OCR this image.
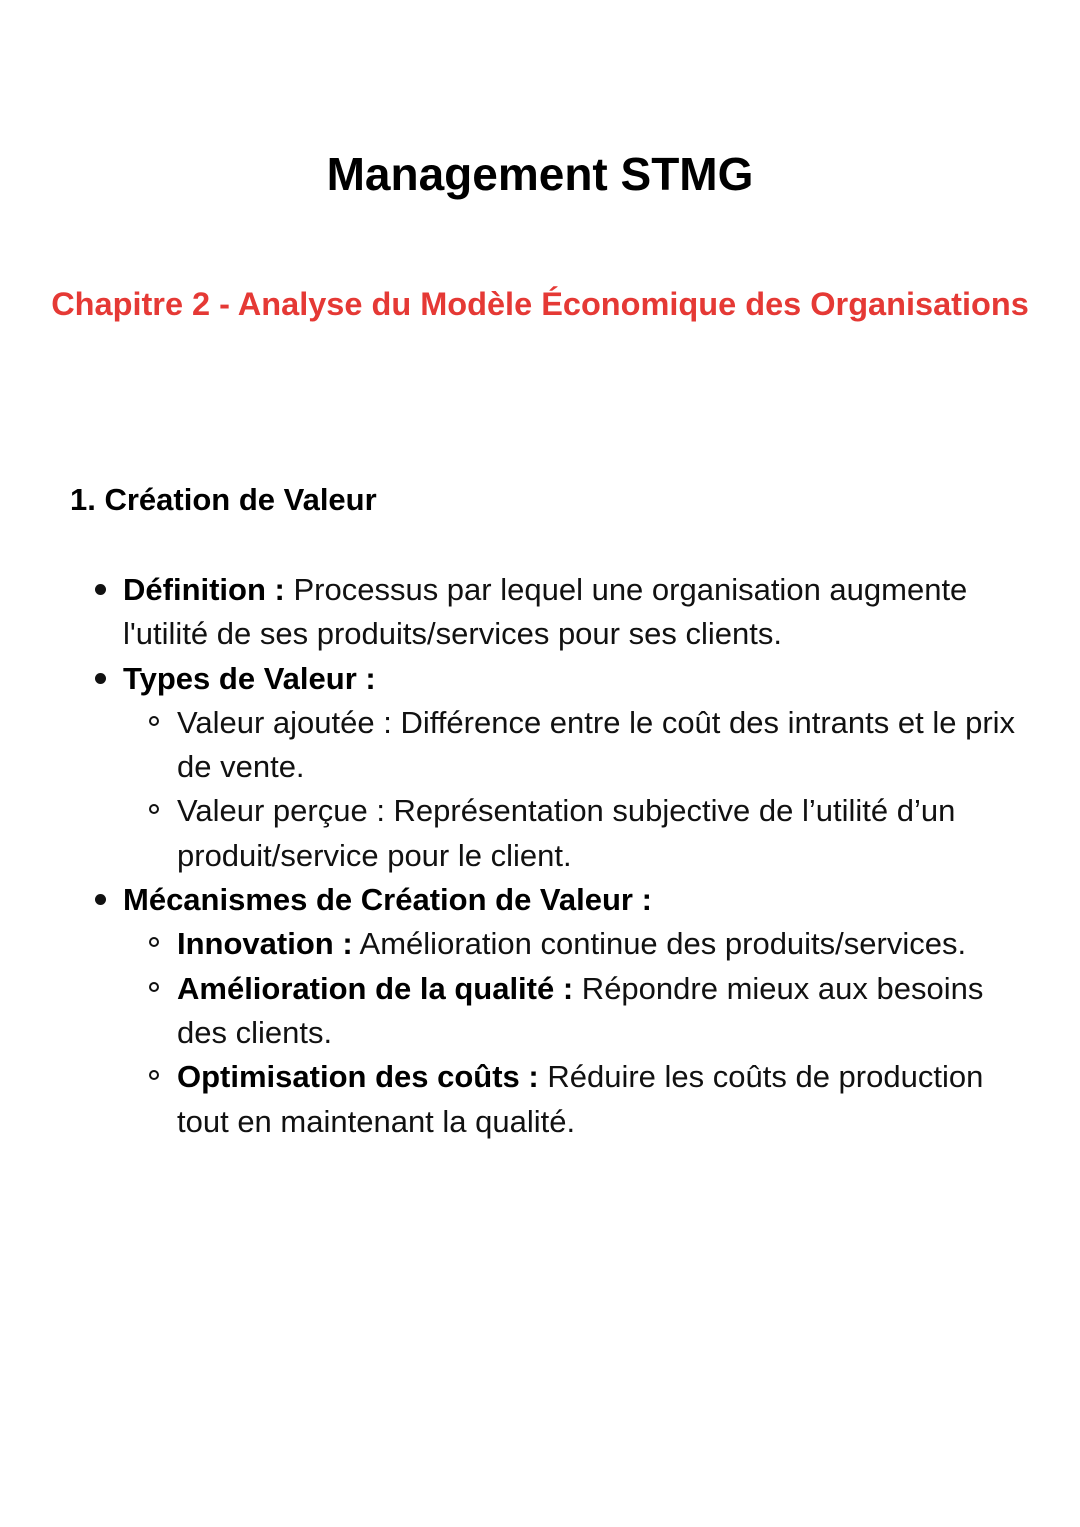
Management STMG
Chapitre 2 - Analyse du Modèle Économique des Organisations
1. Création de Valeur
Définition : Processus par lequel une organisation augmente l'utilité de ses produits/services pour ses clients.
Types de Valeur :
Valeur ajoutée : Différence entre le coût des intrants et le prix de vente.
Valeur perçue : Représentation subjective de l’utilité d’un produit/service pour le client.
Mécanismes de Création de Valeur :
Innovation : Amélioration continue des produits/services.
Amélioration de la qualité : Répondre mieux aux besoins des clients.
Optimisation des coûts : Réduire les coûts de production tout en maintenant la qualité.
